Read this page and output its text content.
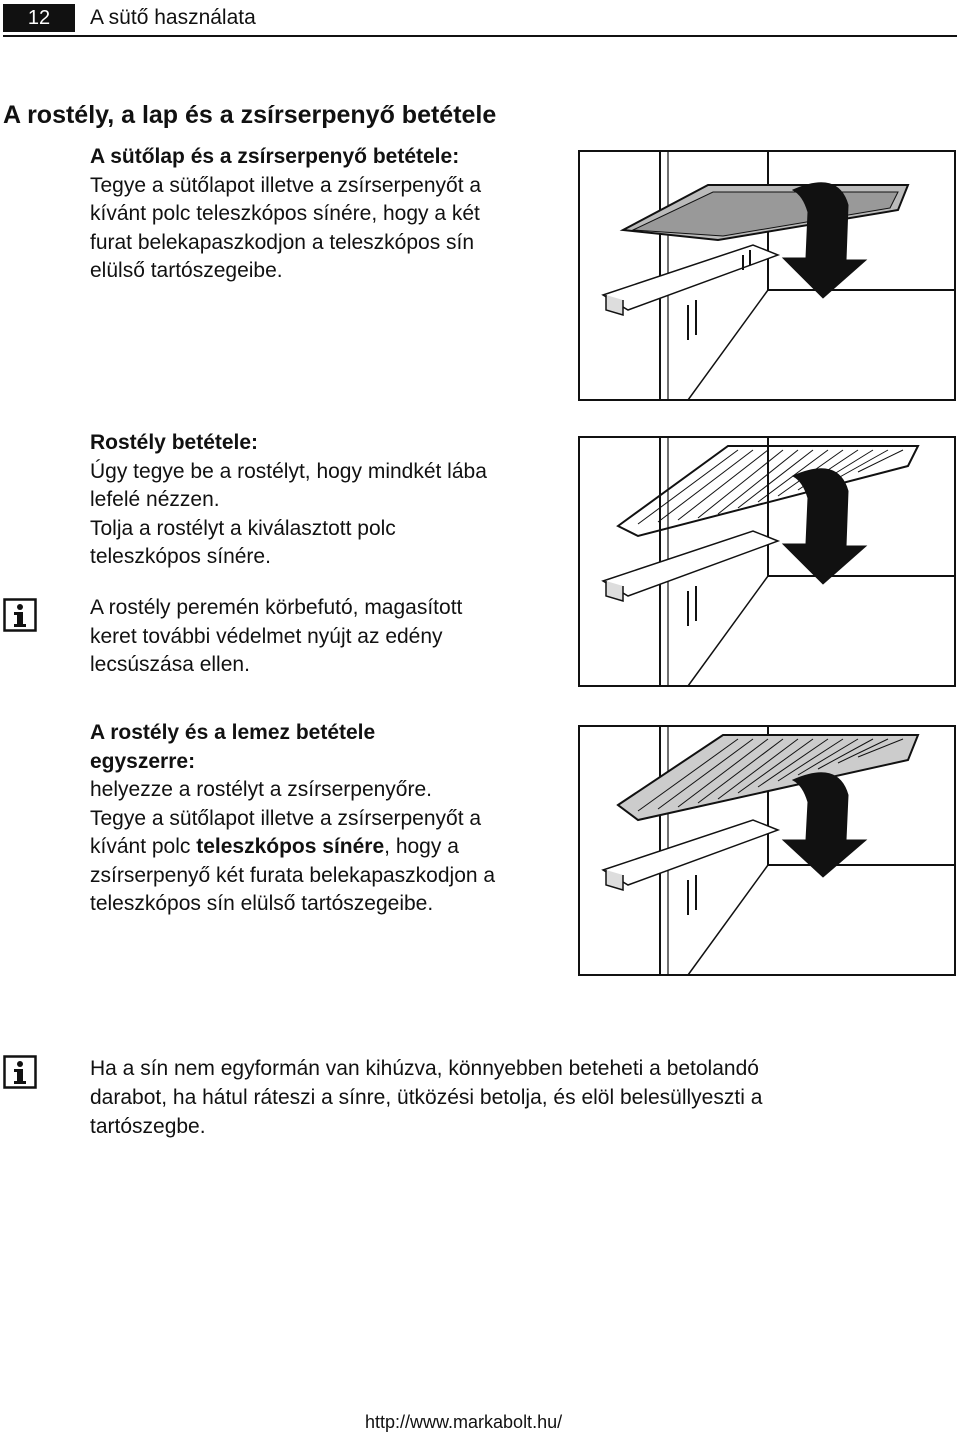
12	A sütő használata
A rostély, a lap és a zsírserpenyő betétele

A sütőlap és a zsírserpenyő betétele:

Tegye a sütőlapot illetve a zsírserpenyőt a

kívánt polc teleszkópos sínére, hogy a két

furat belekapaszkodjon a teleszkópos sín

elülső tartószegeibe.

Rostély betétele:

Úgy tegye be a rostélyt, hogy mindkét lába

lefelé nézzen.

Tolja a rostélyt a kiválasztott polc

teleszkópos sínére.

A rostély peremén körbefutó, magasított

keret további védelmet nyújt az edény

lecsúszása ellen.

A rostély és a lemez betétele

egyszerre:

helyezze a rostélyt a zsírserpenyőre.

Tegye a sütőlapot illetve a zsírserpenyőt a

kívánt polc teleszkópos sínére, hogy a

zsírserpenyő két furata belekapaszkodjon a

teleszkópos sín elülső tartószegeibe.

Ha a sín nem egyformán van kihúzva, könnyebben beteheti a betolandó
darabot, ha hátul ráteszi a sínre, ütközési betolja, és elöl belesüllyeszti a
tartószegbe.
http://www.markabolt.hu/
